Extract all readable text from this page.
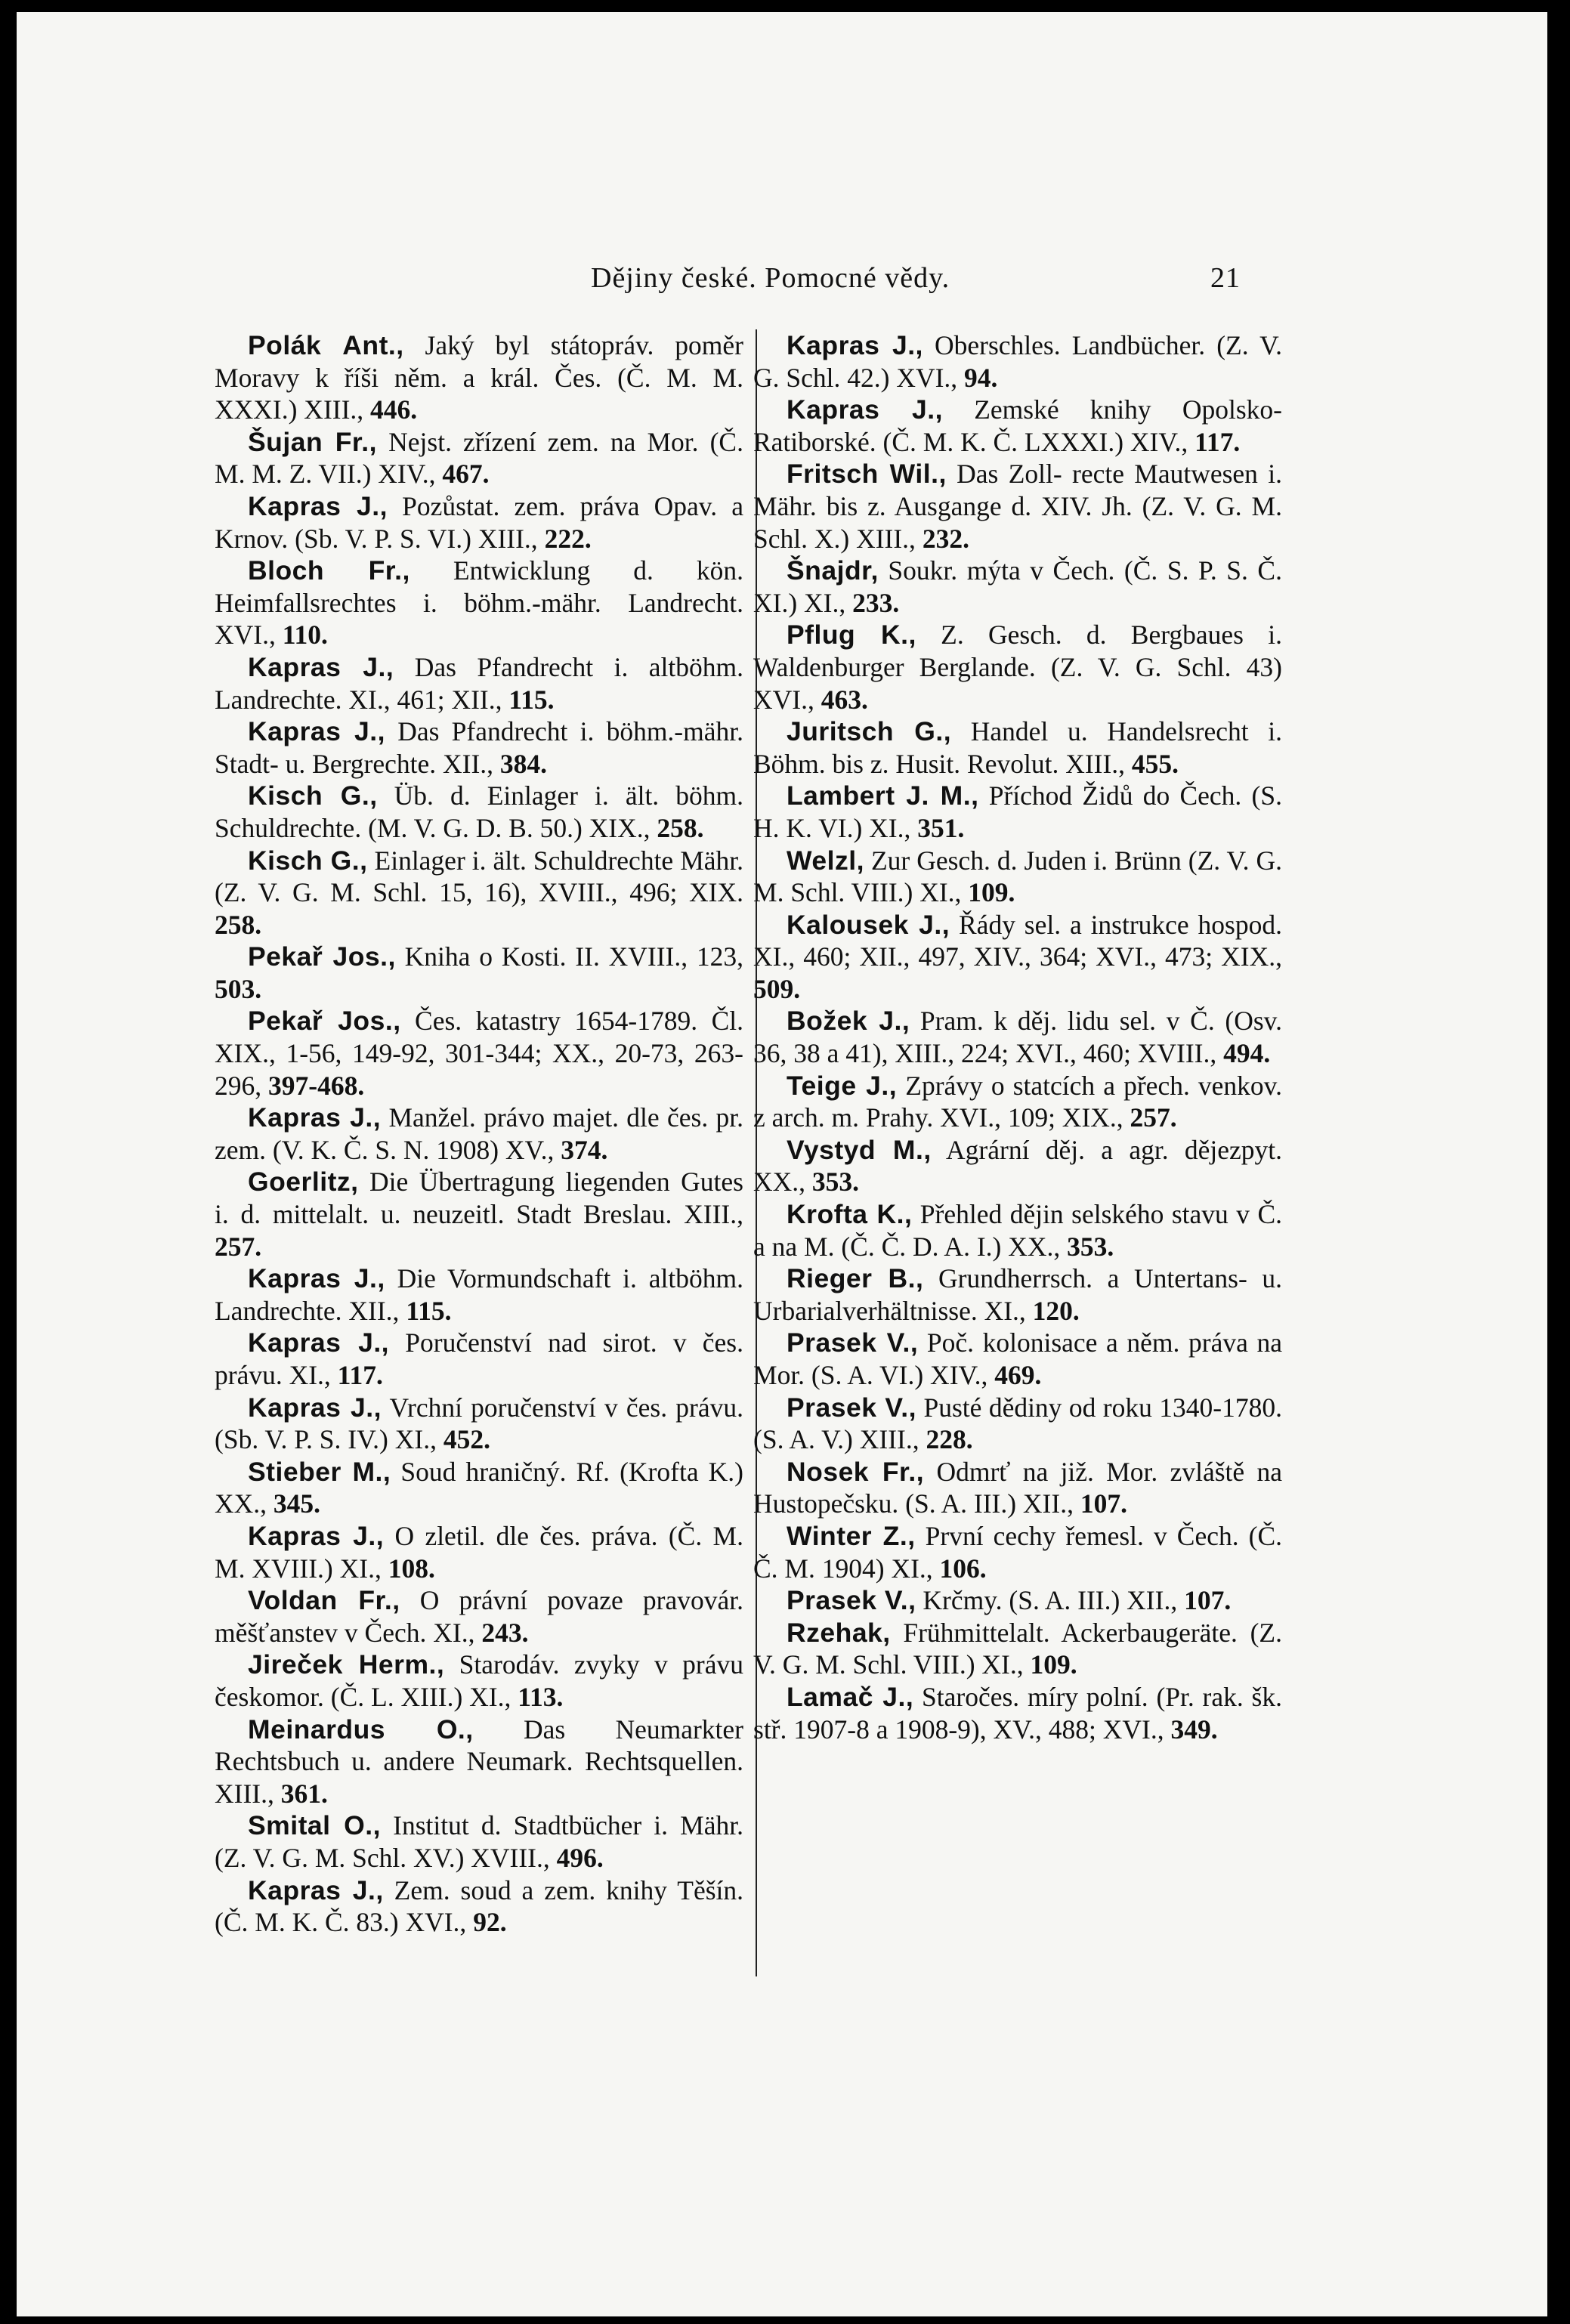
Dějiny české. Pomocné vědy.	21

Polák Ant., Jaký byl státopráv. poměr Moravy k říši něm. a král. Čes. (Č. M. M. XXXI.) XIII., 446.

Šujan Fr., Nejst. zřízení zem. na Mor. (Č. M. M. Z. VII.) XIV., 467.

Kapras J., Pozůstat. zem. práva Opav. a Krnov. (Sb. V. P. S. VI.) XIII., 222.

Bloch Fr., Entwicklung d. kön. Heimfallsrechtes i. böhm.-mähr. Landrecht. XVI., 110.

Kapras J., Das Pfandrecht i. altböhm. Landrechte. XI., 461; XII., 115.

Kapras J., Das Pfandrecht i. böhm.-mähr. Stadt- u. Bergrechte. XII., 384.

Kisch G., Üb. d. Einlager i. ält. böhm. Schuldrechte. (M. V. G. D. B. 50.) XIX., 258.

Kisch G., Einlager i. ält. Schuldrechte Mähr. (Z. V. G. M. Schl. 15, 16), XVIII., 496; XIX. 258.

Pekař Jos., Kniha o Kosti. II. XVIII., 123, 503.

Pekař Jos., Čes. katastry 1654-1789. Čl. XIX., 1-56, 149-92, 301-344; XX., 20-73, 263-296, 397-468.

Kapras J., Manžel. právo majet. dle čes. pr. zem. (V. K. Č. S. N. 1908) XV., 374.

Goerlitz, Die Übertragung liegenden Gutes i. d. mittelalt. u. neuzeitl. Stadt Breslau. XIII., 257.

Kapras J., Die Vormundschaft i. altböhm. Landrechte. XII., 115.

Kapras J., Poručenství nad sirot. v čes. právu. XI., 117.

Kapras J., Vrchní poručenství v čes. právu. (Sb. V. P. S. IV.) XI., 452.

Stieber M., Soud hraničný. Rf. (Krofta K.) XX., 345.

Kapras J., O zletil. dle čes. práva. (Č. M. M. XVIII.) XI., 108.

Voldan Fr., O právní povaze pravovár. měšťanstev v Čech. XI., 243.

Jireček Herm., Starodáv. zvyky v právu českomor. (Č. L. XIII.) XI., 113.

Meinardus O., Das Neumarkter Rechtsbuch u. andere Neumark. Rechtsquellen. XIII., 361.

Smital O., Institut d. Stadtbücher i. Mähr. (Z. V. G. M. Schl. XV.) XVIII., 496.

Kapras J., Zem. soud a zem. knihy Těšín. (Č. M. K. Č. 83.) XVI., 92.

Kapras J., Oberschles. Landbücher. (Z. V. G. Schl. 42.) XVI., 94.

Kapras J., Zemské knihy Opolsko-Ratiborské. (Č. M. K. Č. LXXXI.) XIV., 117.

Fritsch Wil., Das Zoll- recte Mautwesen i. Mähr. bis z. Ausgange d. XIV. Jh. (Z. V. G. M. Schl. X.) XIII., 232.

Šnajdr, Soukr. mýta v Čech. (Č. S. P. S. Č. XI.) XI., 233.

Pflug K., Z. Gesch. d. Bergbaues i. Waldenburger Berglande. (Z. V. G. Schl. 43) XVI., 463.

Juritsch G., Handel u. Handelsrecht i. Böhm. bis z. Husit. Revolut. XIII., 455.

Lambert J. M., Příchod Židů do Čech. (S. H. K. VI.) XI., 351.

Welzl, Zur Gesch. d. Juden i. Brünn (Z. V. G. M. Schl. VIII.) XI., 109.

Kalousek J., Řády sel. a instrukce hospod. XI., 460; XII., 497, XIV., 364; XVI., 473; XIX., 509.

Božek J., Pram. k děj. lidu sel. v Č. (Osv. 36, 38 a 41), XIII., 224; XVI., 460; XVIII., 494.

Teige J., Zprávy o statcích a přech. venkov. z arch. m. Prahy. XVI., 109; XIX., 257.

Vystyd M., Agrární děj. a agr. dějezpyt. XX., 353.

Krofta K., Přehled dějin selského stavu v Č. a na M. (Č. Č. D. A. I.) XX., 353.

Rieger B., Grundherrsch. a Untertans- u. Urbarialverhältnisse. XI., 120.

Prasek V., Poč. kolonisace a něm. práva na Mor. (S. A. VI.) XIV., 469.

Prasek V., Pusté dědiny od roku 1340-1780. (S. A. V.) XIII., 228.

Nosek Fr., Odmrť na již. Mor. zvláště na Hustopečsku. (S. A. III.) XII., 107.

Winter Z., První cechy řemesl. v Čech. (Č. Č. M. 1904) XI., 106.

Prasek V., Krčmy. (S. A. III.) XII., 107.

Rzehak, Frühmittelalt. Ackerbaugeräte. (Z. V. G. M. Schl. VIII.) XI., 109.

Lamač J., Staročes. míry polní. (Pr. rak. šk. stř. 1907-8 a 1908-9), XV., 488; XVI., 349.
